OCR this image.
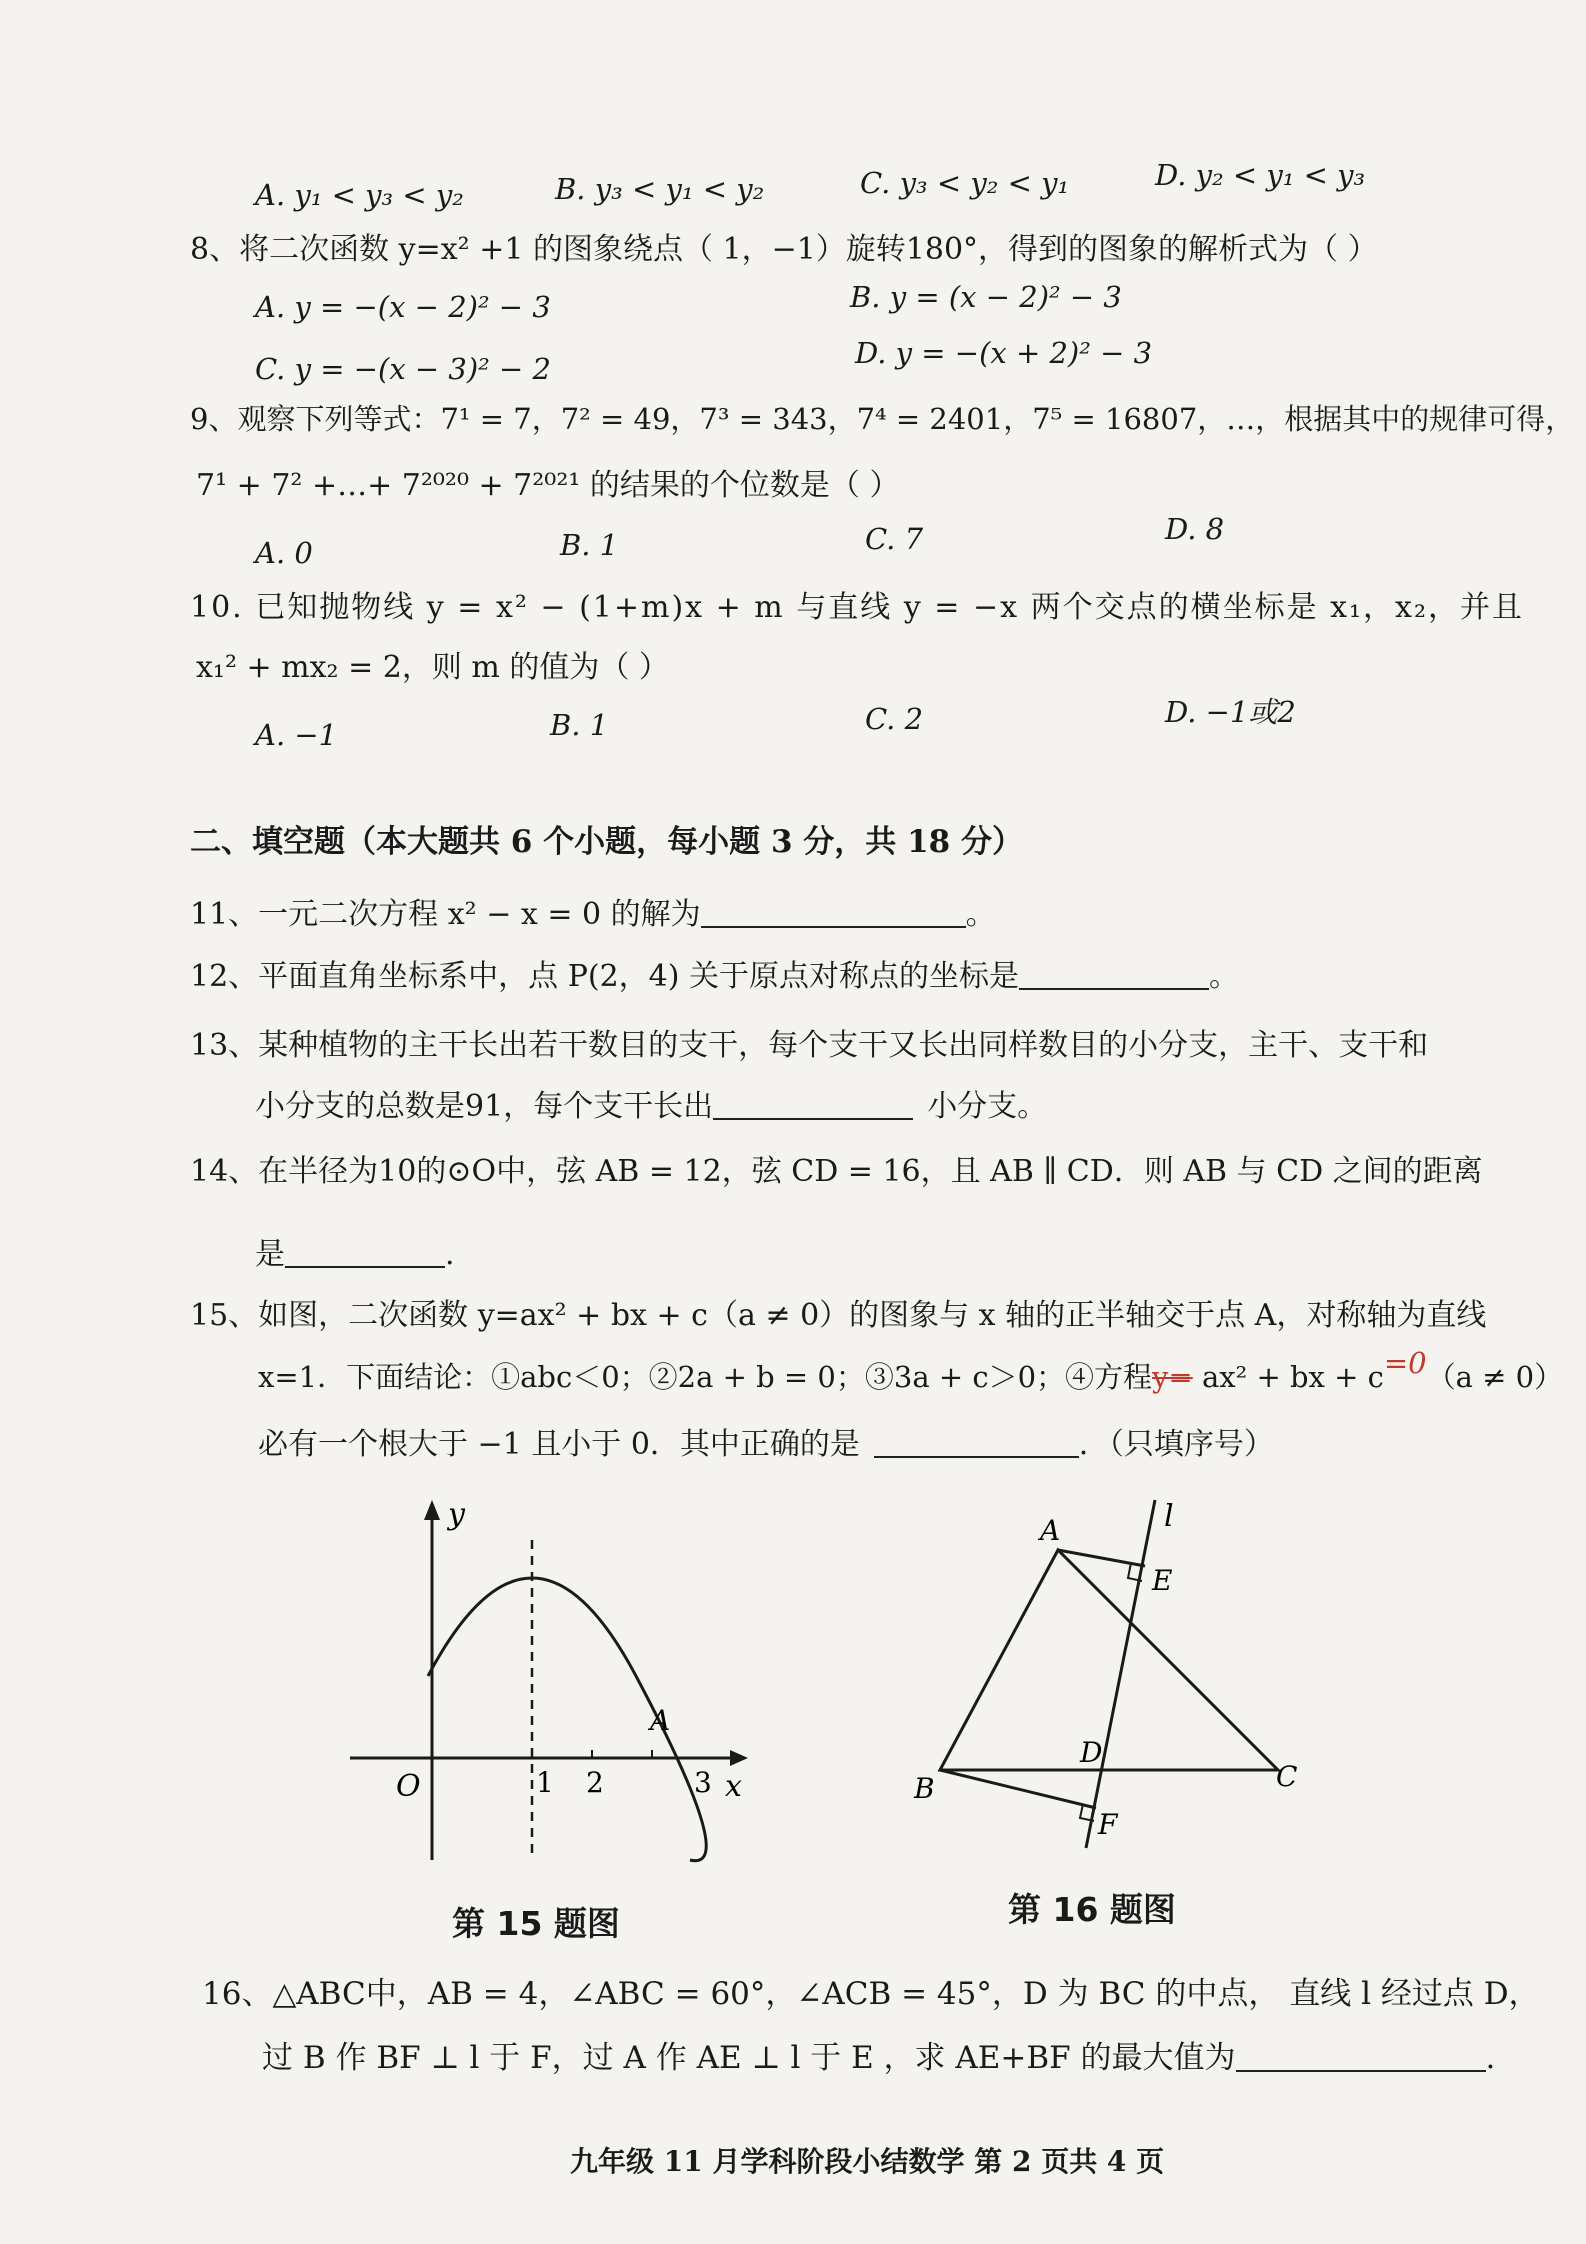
A. y₁ < y₃ < y₂	B. y₃ < y₁ < y₂	C. y₃ < y₂ < y₁	D. y₂ < y₁ < y₃
8、将二次函数 y=x² +1 的图象绕点（ 1，−1）旋转180°，得到的图象的解析式为（ ）
A. y = −(x − 2)² − 3	B. y = (x − 2)² − 3
C. y = −(x − 3)² − 2	D. y = −(x + 2)² − 3
9、观察下列等式：7¹ = 7，7² = 49，7³ = 343，7⁴ = 2401，7⁵ = 16807，…，根据其中的规律可得，
7¹ + 7² +…+ 7²⁰²⁰ + 7²⁰²¹ 的结果的个位数是（ ）
A. 0	B. 1	C. 7	D. 8
10. 已知抛物线 y = x² − (1+m)x + m 与直线 y = −x 两个交点的横坐标是 x₁，x₂，并且
x₁² + mx₂ = 2，则 m 的值为（ ）
A. −1	B. 1	C. 2	D. −1或2
二、填空题（本大题共 6 个小题，每小题 3 分，共 18 分）
11、一元二次方程 x² − x = 0 的解为	。
12、平面直角坐标系中，点 P(2，4) 关于原点对称点的坐标是	。
13、某种植物的主干长出若干数目的支干，每个支干又长出同样数目的小分支，主干、支干和
小分支的总数是91，每个支干长出	小分支。
14、在半径为10的⊙O中，弦 AB = 12，弦 CD = 16，且 AB ∥ CD．则 AB 与 CD 之间的距离
是	.
15、如图，二次函数 y=ax² + bx + c（a ≠ 0）的图象与 x 轴的正半轴交于点 A，对称轴为直线
x=1．下面结论：①abc＜0；②2a + b = 0；③3a + c＞0；④方程y= ax² + bx + c=0（a ≠ 0）
必有一个根大于 −1 且小于 0．其中正确的是	．（只填序号）
y
x
O
A
1 2	3
第 15 题图
A
B	C
D
E
F
l
第 16 题图
16、△ABC中，AB = 4，∠ABC = 60°，∠ACB = 45°，D 为 BC 的中点， 直线 l 经过点 D，
过 B 作 BF ⊥ l 于 F，过 A 作 AE ⊥ l 于 E ，求 AE+BF 的最大值为	.
九年级 11 月学科阶段小结数学 第 2 页共 4 页
